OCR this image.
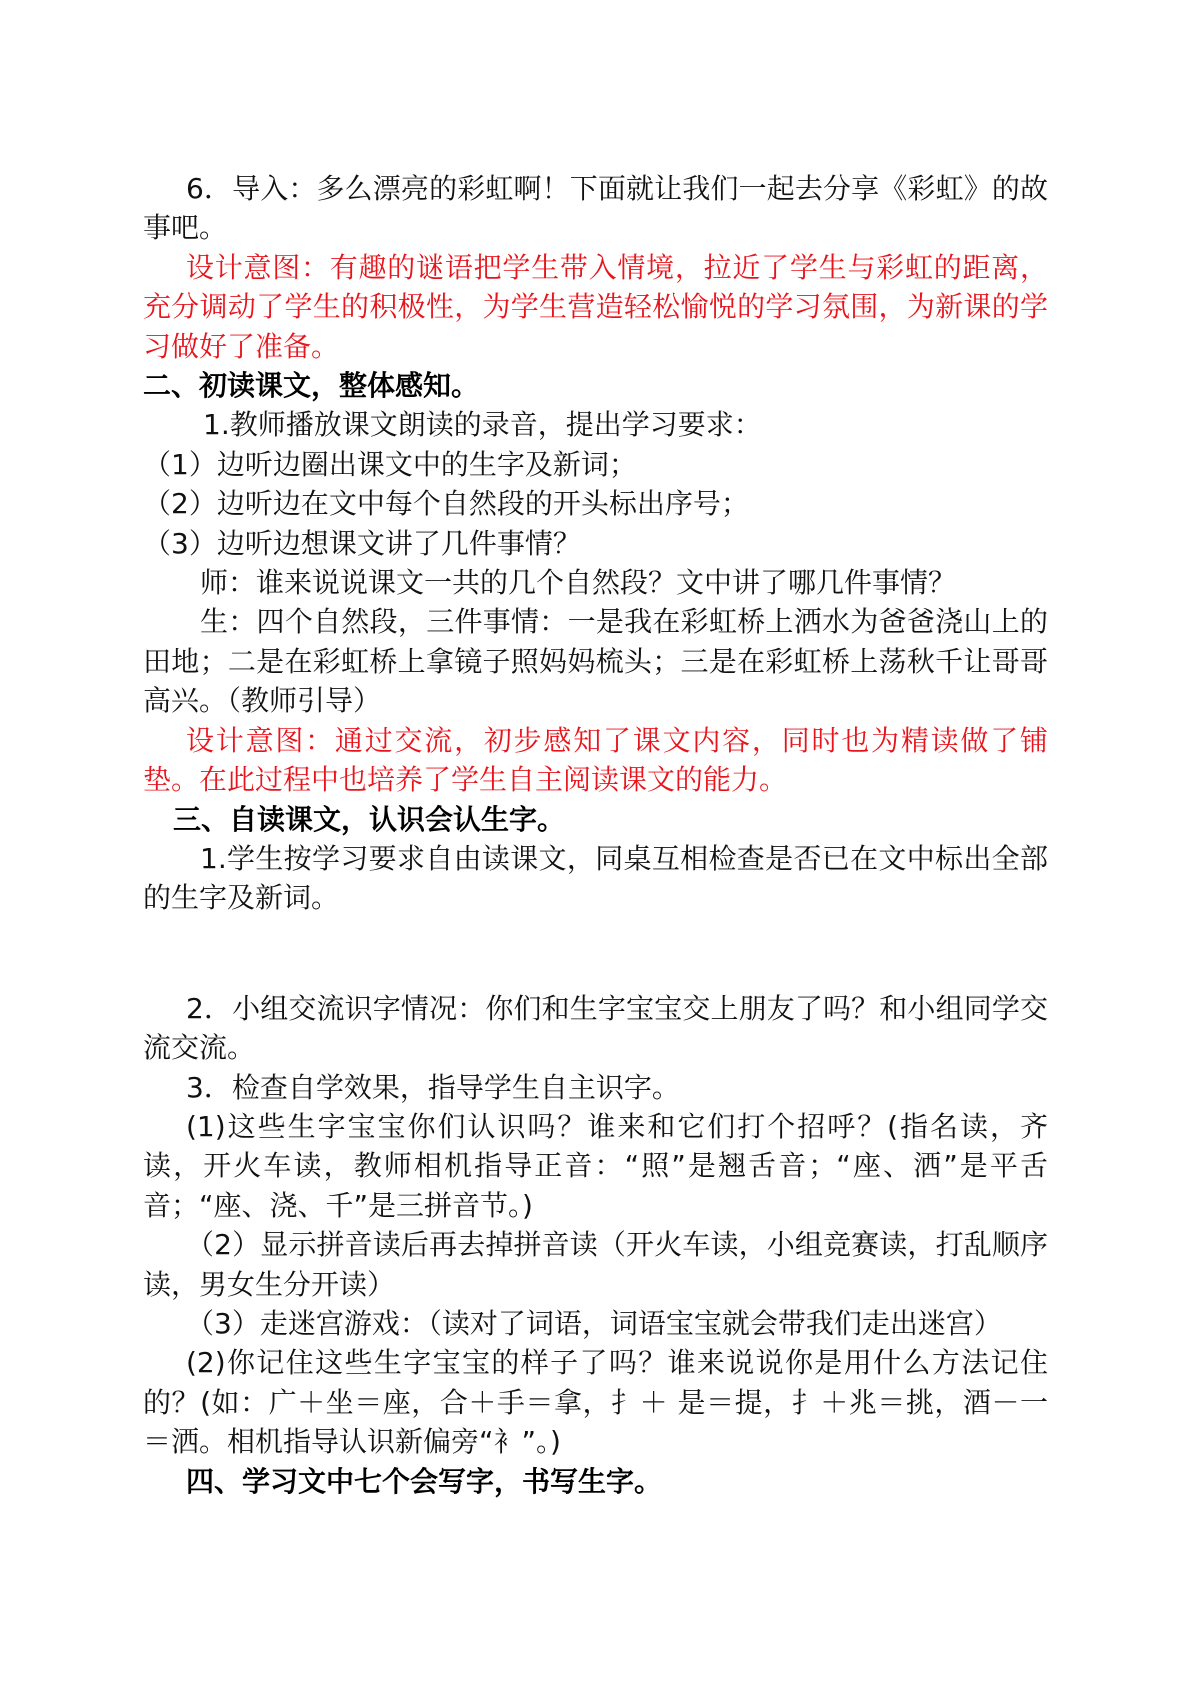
6．导入：多么漂亮的彩虹啊！下面就让我们一起去分享《彩虹》的故事吧。

设计意图：有趣的谜语把学生带入情境，拉近了学生与彩虹的距离，充分调动了学生的积极性，为学生营造轻松愉悦的学习氛围，为新课的学习做好了准备。

二、初读课文，整体感知。

1.教师播放课文朗读的录音，提出学习要求：

（1）边听边圈出课文中的生字及新词；

（2）边听边在文中每个自然段的开头标出序号；

（3）边听边想课文讲了几件事情？

师：谁来说说课文一共的几个自然段？文中讲了哪几件事情？

生：四个自然段，三件事情：一是我在彩虹桥上洒水为爸爸浇山上的田地；二是在彩虹桥上拿镜子照妈妈梳头；三是在彩虹桥上荡秋千让哥哥高兴。（教师引导）

设计意图：通过交流，初步感知了课文内容，同时也为精读做了铺垫。在此过程中也培养了学生自主阅读课文的能力。

三、自读课文，认识会认生字。

1.学生按学习要求自由读课文，同桌互相检查是否已在文中标出全部的生字及新词。

2．小组交流识字情况：你们和生字宝宝交上朋友了吗？和小组同学交流交流。

3．检查自学效果，指导学生自主识字。

(1)这些生字宝宝你们认识吗？谁来和它们打个招呼？(指名读，齐读，开火车读，教师相机指导正音：“照”是翘舌音；“座、洒”是平舌音；“座、浇、千”是三拼音节。)

（2）显示拼音读后再去掉拼音读（开火车读，小组竞赛读，打乱顺序读，男女生分开读）

（3）走迷宫游戏：（读对了词语，词语宝宝就会带我们走出迷宫）

(2)你记住这些生字宝宝的样子了吗？谁来说说你是用什么方法记住的？(如：广＋坐＝座，合＋手＝拿，扌＋ 是＝提，扌＋兆＝挑，酒－一＝洒。相机指导认识新偏旁“衤”。)

四、学习文中七个会写字，书写生字。
